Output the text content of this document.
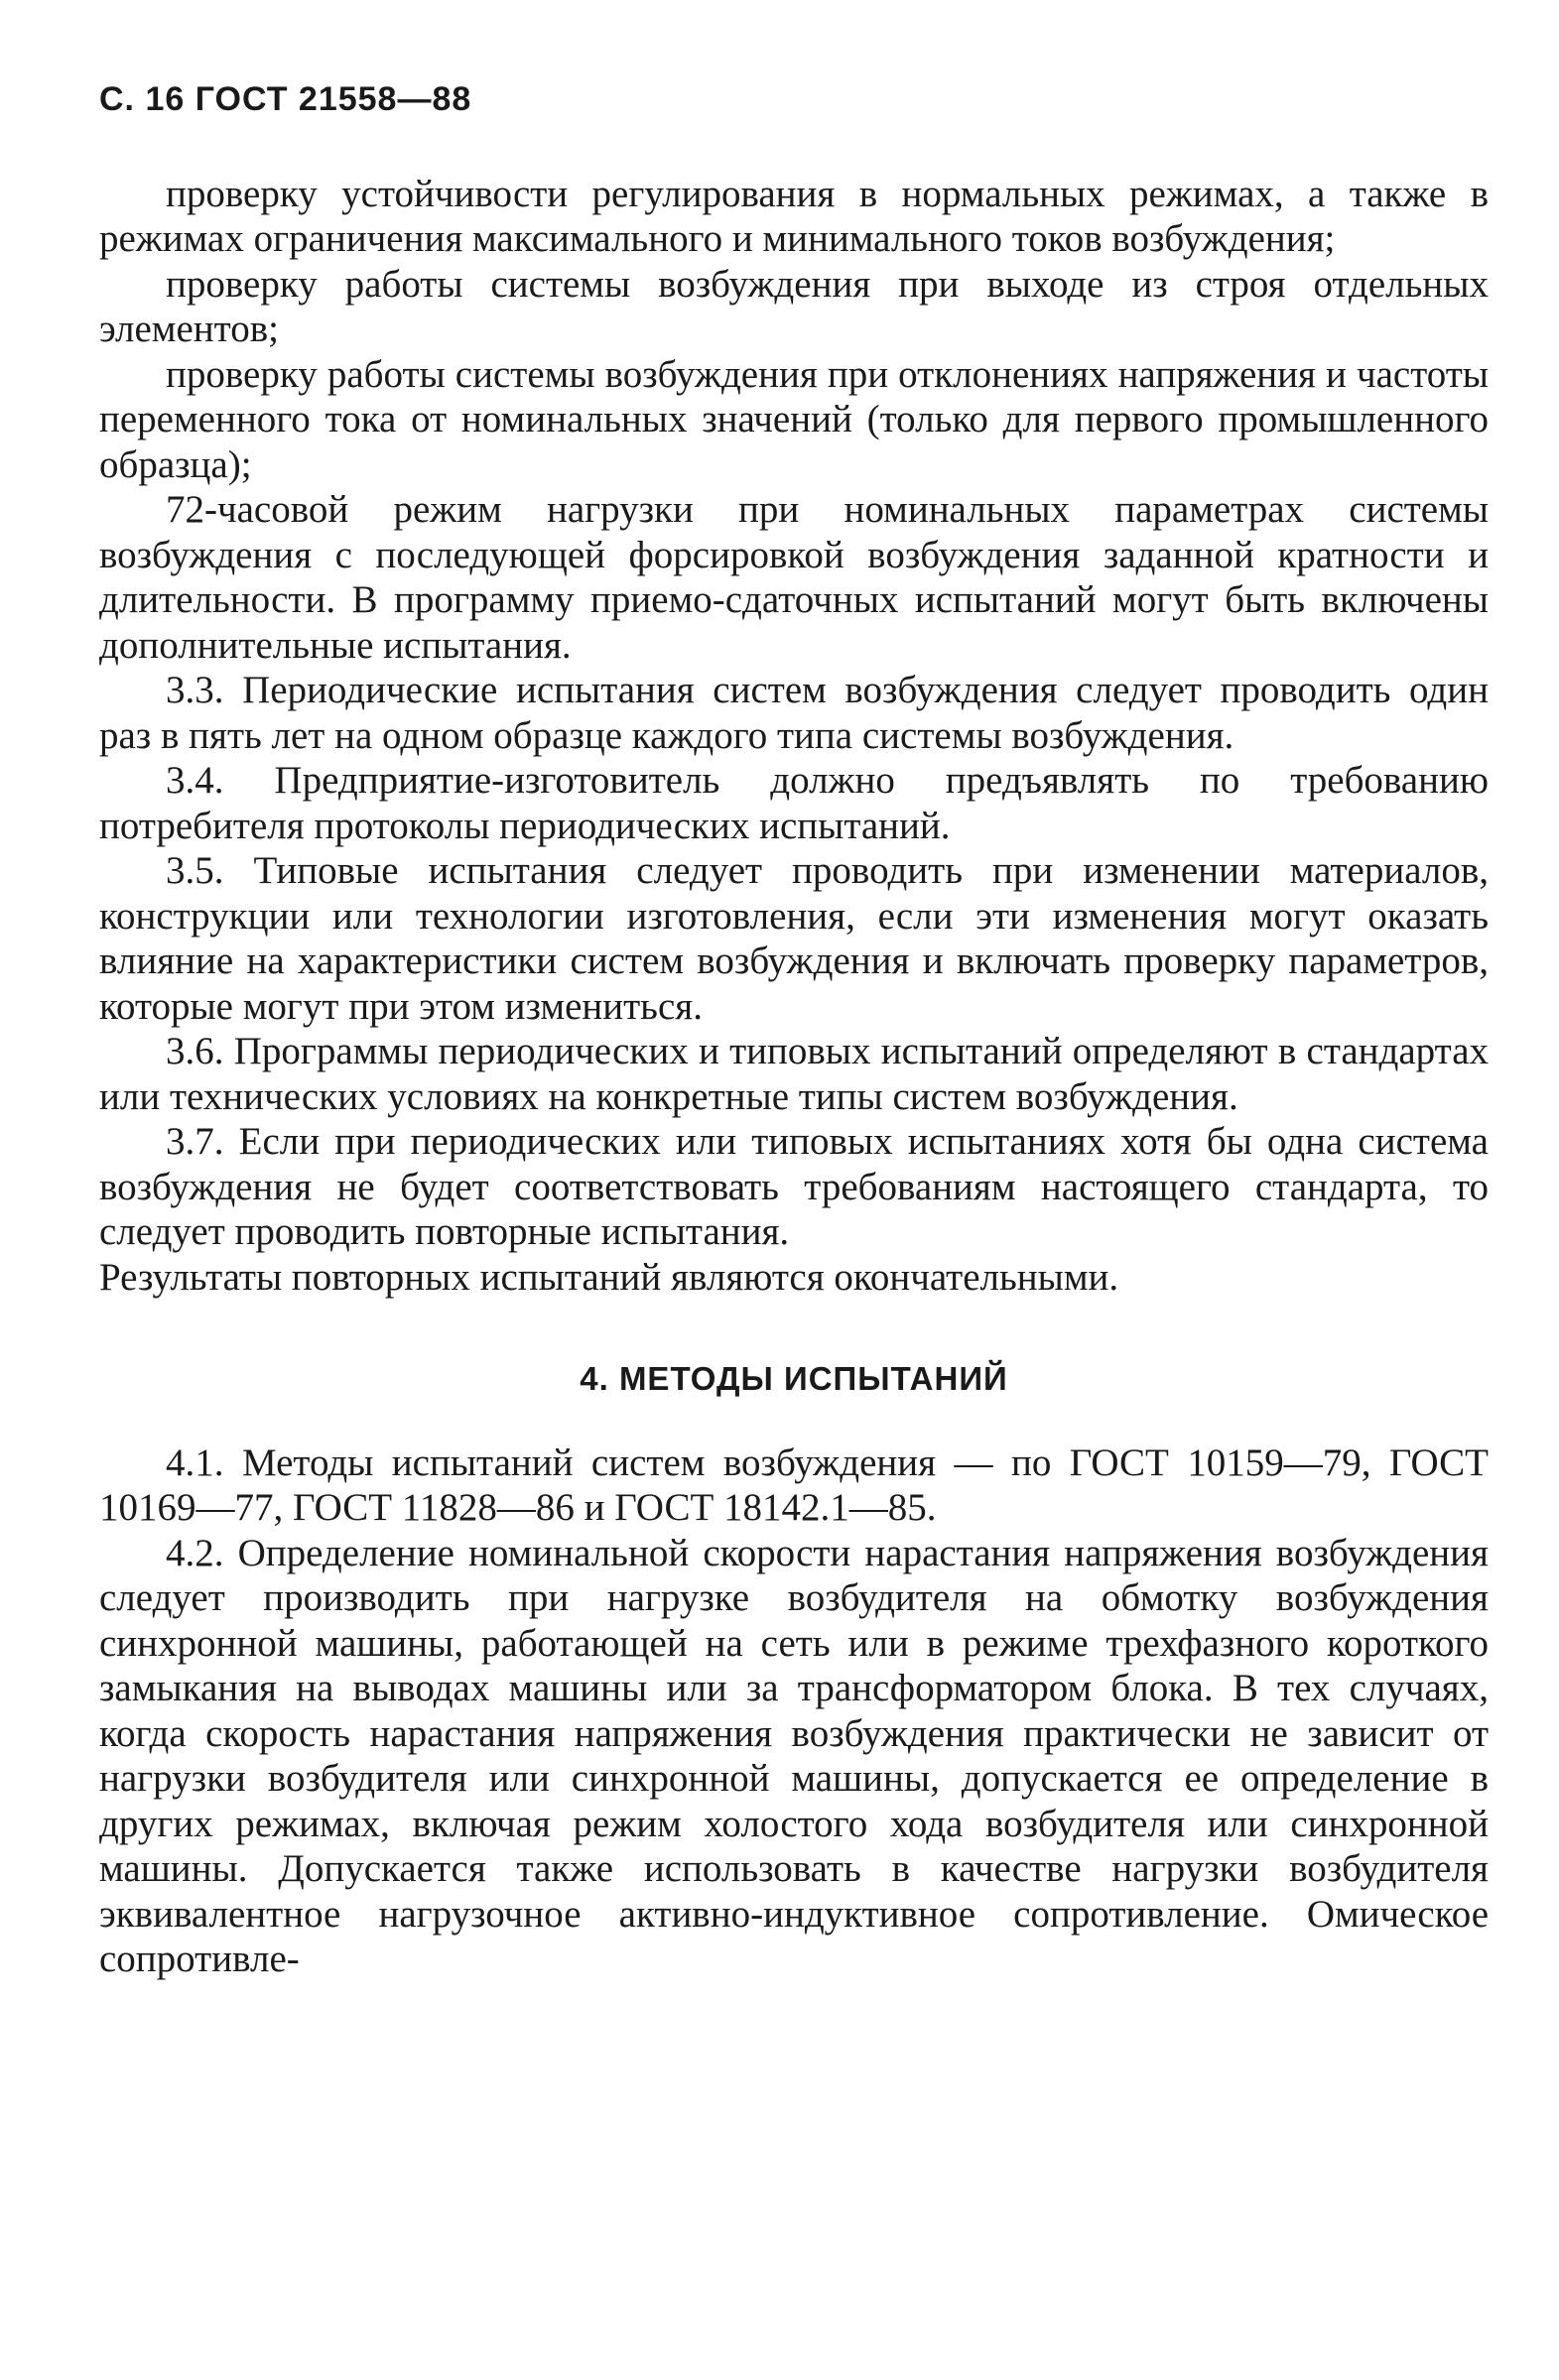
С. 16 ГОСТ 21558—88

проверку устойчивости регулирования в нормальных режимах, а также в режимах ограничения максимального и минимального токов возбуждения;

проверку работы системы возбуждения при выходе из строя отдельных элементов;

проверку работы системы возбуждения при отклонениях напряжения и частоты переменного тока от номинальных значений (только для первого промышленного образца);

72-часовой режим нагрузки при номинальных параметрах системы возбуждения с последующей форсировкой возбуждения заданной кратности и длительности. В программу приемо-сдаточных испытаний могут быть включены дополнительные испытания.

3.3. Периодические испытания систем возбуждения следует проводить один раз в пять лет на одном образце каждого типа системы возбуждения.

3.4. Предприятие-изготовитель должно предъявлять по требованию потребителя протоколы периодических испытаний.

3.5. Типовые испытания следует проводить при изменении материалов, конструкции или технологии изготовления, если эти изменения могут оказать влияние на характеристики систем возбуждения и включать проверку параметров, которые могут при этом измениться.

3.6. Программы периодических и типовых испытаний определяют в стандартах или технических условиях на конкретные типы систем возбуждения.

3.7. Если при периодических или типовых испытаниях хотя бы одна система возбуждения не будет соответствовать требованиям настоящего стандарта, то следует проводить повторные испытания.

Результаты повторных испытаний являются окончательными.

4. МЕТОДЫ ИСПЫТАНИЙ

4.1. Методы испытаний систем возбуждения — по ГОСТ 10159—79, ГОСТ 10169—77, ГОСТ 11828—86 и ГОСТ 18142.1—85.

4.2. Определение номинальной скорости нарастания напряжения возбуждения следует производить при нагрузке возбудителя на обмотку возбуждения синхронной машины, работающей на сеть или в режиме трехфазного короткого замыкания на выводах машины или за трансформатором блока. В тех случаях, когда скорость нарастания напряжения возбуждения практически не зависит от нагрузки возбудителя или синхронной машины, допускается ее определение в других режимах, включая режим холостого хода возбудителя или синхронной машины. Допускается также использовать в качестве нагрузки возбудителя эквивалентное нагрузочное активно-индуктивное сопротивление. Омическое сопротивле-
